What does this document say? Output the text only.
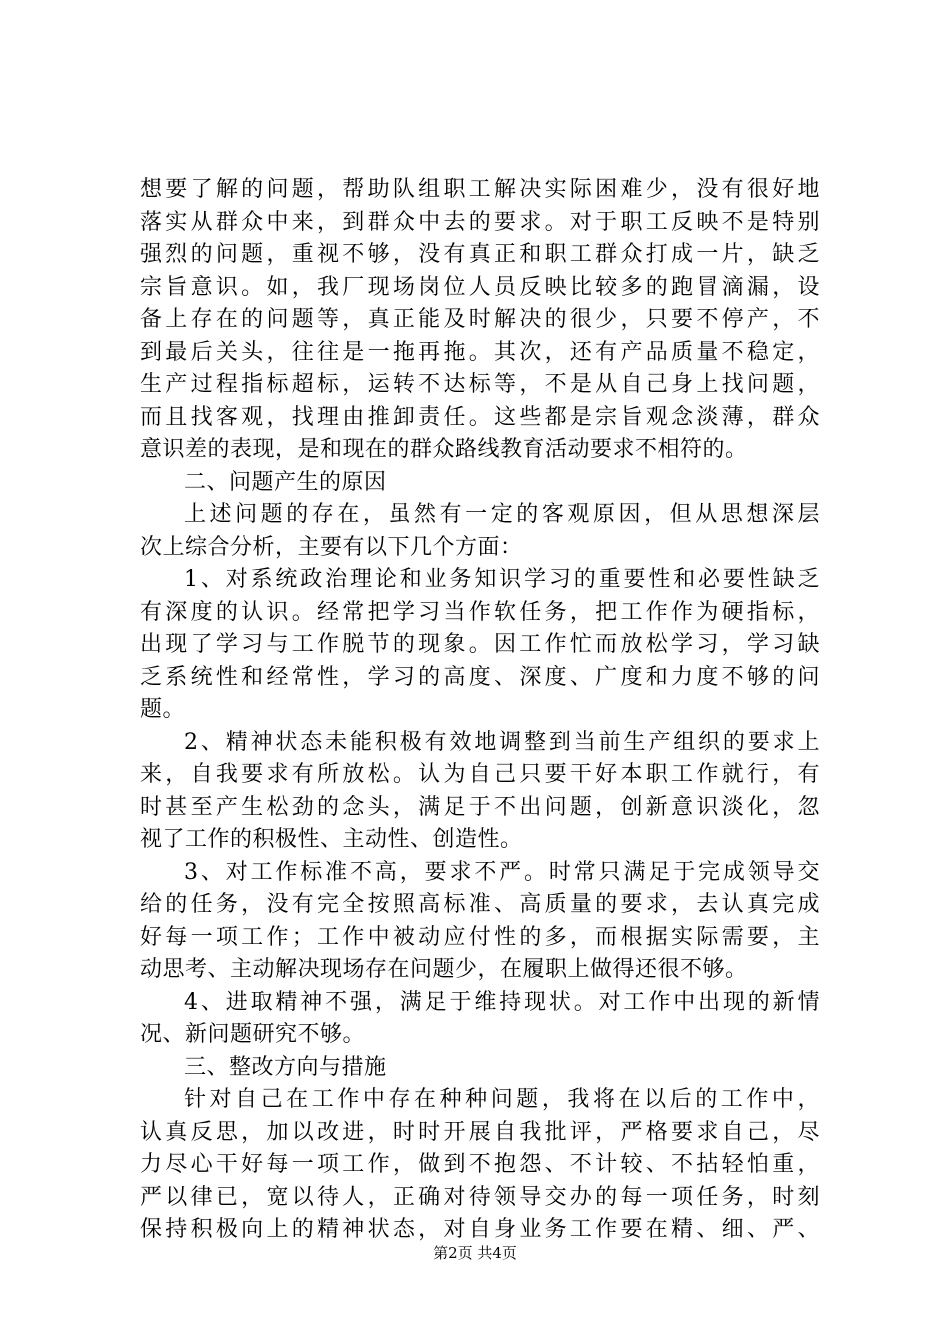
想要了解的问题，帮助队组职工解决实际困难少，没有很好地
落实从群众中来，到群众中去的要求。对于职工反映不是特别
强烈的问题，重视不够，没有真正和职工群众打成一片，缺乏
宗旨意识。如，我厂现场岗位人员反映比较多的跑冒滴漏，设
备上存在的问题等，真正能及时解决的很少，只要不停产，不
到最后关头，往往是一拖再拖。其次，还有产品质量不稳定，
生产过程指标超标，运转不达标等，不是从自己身上找问题，
而且找客观，找理由推卸责任。这些都是宗旨观念淡薄，群众
意识差的表现，是和现在的群众路线教育活动要求不相符的。
二、问题产生的原因
上述问题的存在，虽然有一定的客观原因，但从思想深层
次上综合分析，主要有以下几个方面：
1、对系统政治理论和业务知识学习的重要性和必要性缺乏
有深度的认识。经常把学习当作软任务，把工作作为硬指标，
出现了学习与工作脱节的现象。因工作忙而放松学习，学习缺
乏系统性和经常性，学习的高度、深度、广度和力度不够的问
题。
2、精神状态未能积极有效地调整到当前生产组织的要求上
来，自我要求有所放松。认为自己只要干好本职工作就行，有
时甚至产生松劲的念头，满足于不出问题，创新意识淡化，忽
视了工作的积极性、主动性、创造性。
3、对工作标准不高，要求不严。时常只满足于完成领导交
给的任务，没有完全按照高标准、高质量的要求，去认真完成
好每一项工作；工作中被动应付性的多，而根据实际需要，主
动思考、主动解决现场存在问题少，在履职上做得还很不够。
4、进取精神不强，满足于维持现状。对工作中出现的新情
况、新问题研究不够。
三、整改方向与措施
针对自己在工作中存在种种问题，我将在以后的工作中，
认真反思，加以改进，时时开展自我批评，严格要求自己，尽
力尽心干好每一项工作，做到不抱怨、不计较、不拈轻怕重，
严以律已，宽以待人，正确对待领导交办的每一项任务，时刻
保持积极向上的精神状态，对自身业务工作要在精、细、严、
第2页 共4页
